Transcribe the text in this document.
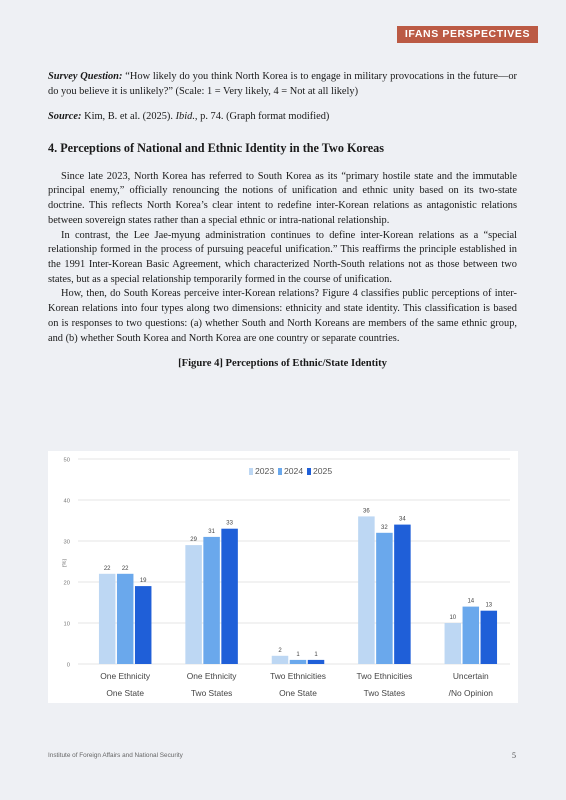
IFANS PERSPECTIVES

Survey Question: “How likely do you think North Korea is to engage in military provocations in the future—or do you believe it is unlikely?” (Scale: 1 = Very likely, 4 = Not at all likely)

Source: Kim, B. et al. (2025). Ibid., p. 74. (Graph format modified)

4. Perceptions of National and Ethnic Identity in the Two Koreas

Since late 2023, North Korea has referred to South Korea as its “primary hostile state and the immutable principal enemy,” officially renouncing the notions of unification and ethnic unity based on its two-state doctrine. This reflects North Korea’s clear intent to redefine inter-Korean relations as antagonistic relations between sovereign states rather than a special ethnic or intra-national relationship.

In contrast, the Lee Jae-myung administration continues to define inter-Korean relations as a “special relationship formed in the process of pursuing peaceful unification.” This reaffirms the principle established in the 1991 Inter-Korean Basic Agreement, which characterized North-South relations not as those between two states, but as a special relationship temporarily formed in the course of unification.

How, then, do South Koreas perceive inter-Korean relations? Figure 4 classifies public perceptions of inter-Korean relations into four types along two dimensions: ethnicity and state identity. This classification is based on is responses to two questions: (a) whether South and North Koreans are members of the same ethnic group, and (b) whether South Korea and North Korea are one country or separate countries.

[Figure 4] Perceptions of Ethnic/State Identity
0
10
20
30
40
50
(%)
2023 2024 2025
22 22
19
One Ethnicity
One State
29
31
33
One Ethnicity
Two States
2
1 1
Two Ethnicities
One State
36
32
34
Two Ethnicities
Two States
10
14
13
Uncertain
/No Opinion
Institute of Foreign Affairs and National Security	5
